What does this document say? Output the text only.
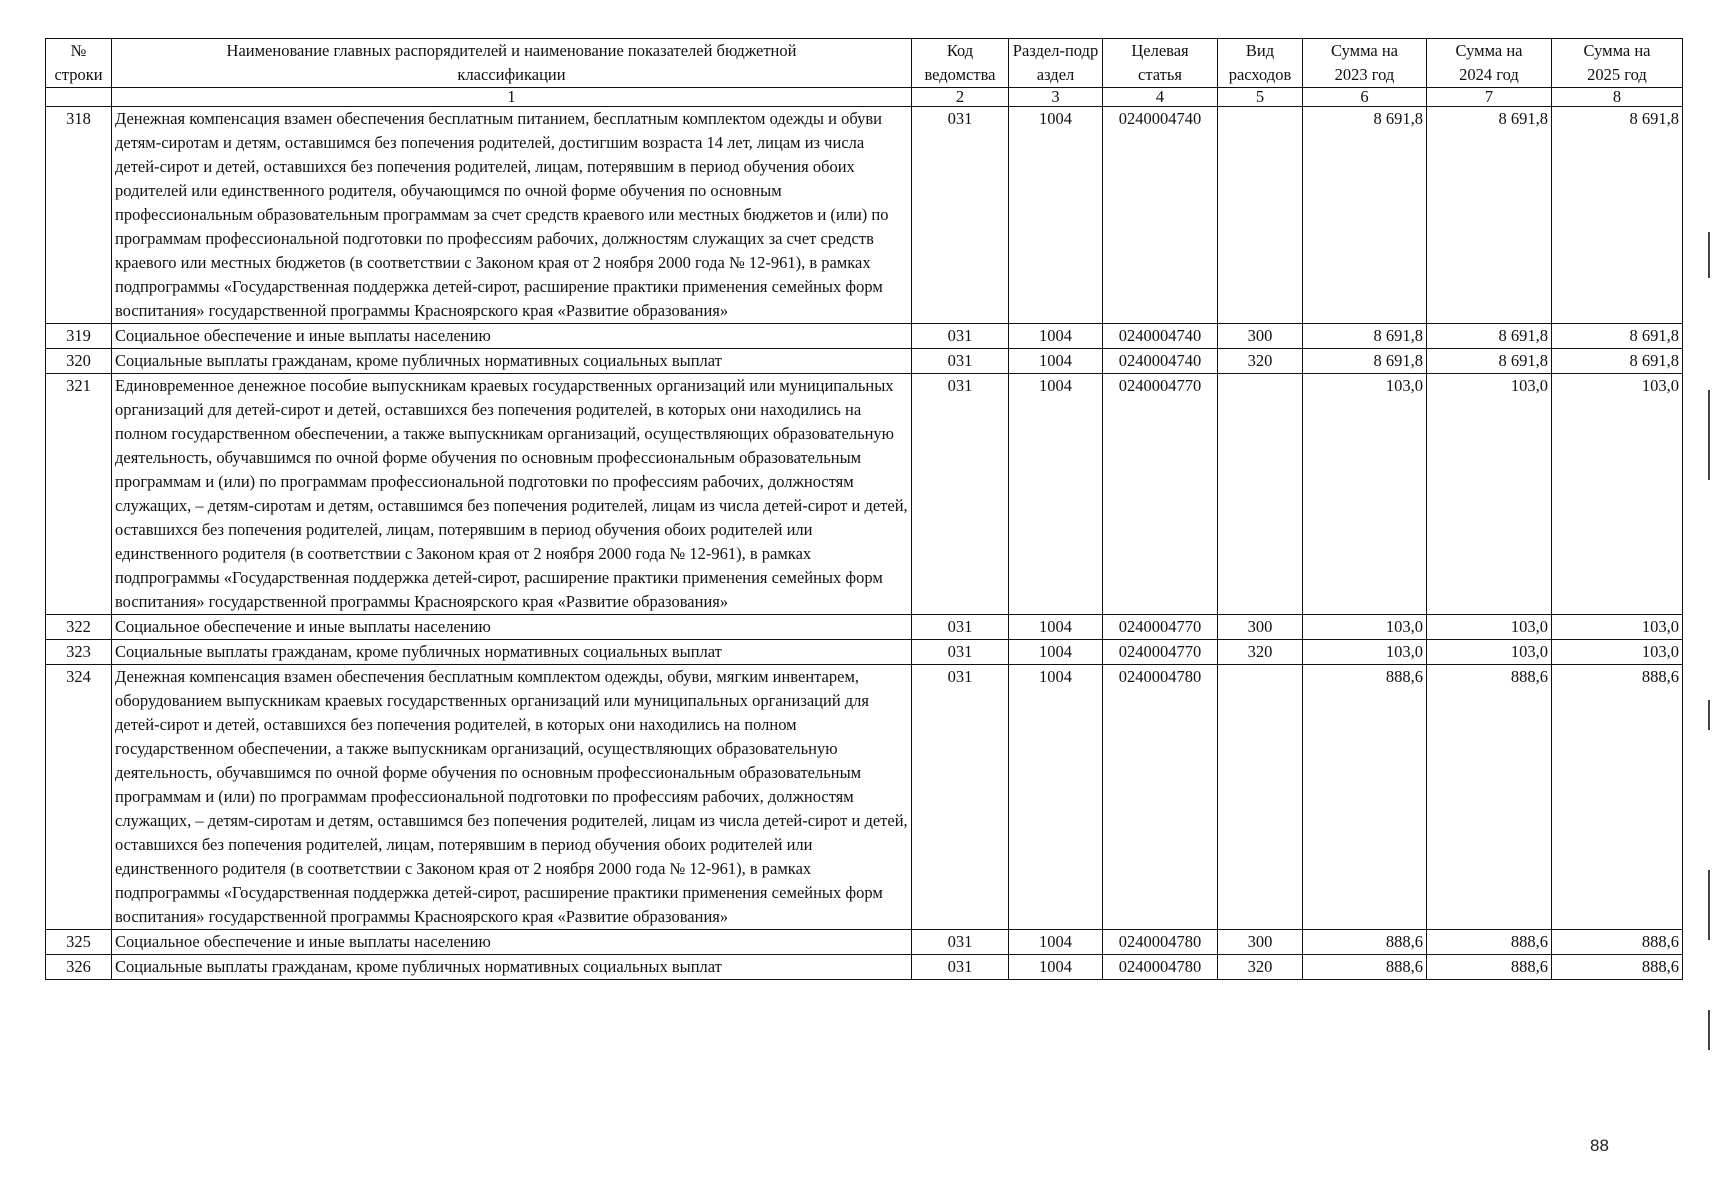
№ строки	Наименование главных распорядителей и наименование показателей бюджетной классификации	Код ведомства	Раздел-подраздел	Целевая статья	Вид расходов	Сумма на 2023 год	Сумма на 2024 год	Сумма на 2025 год
	1	2	3	4	5	6	7	8
318	Денежная компенсация взамен обеспечения бесплатным питанием, бесплатным комплектом одежды и обуви детям-сиротам и детям, оставшимся без попечения родителей, достигшим возраста 14 лет, лицам из числа детей-сирот и детей, оставшихся без попечения родителей, лицам, потерявшим в период обучения обоих родителей или единственного родителя, обучающимся по очной форме обучения по основным профессиональным образовательным программам за счет средств краевого или местных бюджетов и (или) по программам профессиональной подготовки по профессиям рабочих, должностям служащих за счет средств краевого или местных бюджетов (в соответствии с Законом края от 2 ноября 2000 года № 12-961), в рамках подпрограммы «Государственная поддержка детей-сирот, расширение практики применения семейных форм воспитания» государственной программы Красноярского края «Развитие образования»	031	1004	0240004740		8 691,8	8 691,8	8 691,8
319	Социальное обеспечение и иные выплаты населению	031	1004	0240004740	300	8 691,8	8 691,8	8 691,8
320	Социальные выплаты гражданам, кроме публичных нормативных социальных выплат	031	1004	0240004740	320	8 691,8	8 691,8	8 691,8
321	Единовременное денежное пособие выпускникам краевых государственных организаций или муниципальных организаций для детей-сирот и детей, оставшихся без попечения родителей, в которых они находились на полном государственном обеспечении, а также выпускникам организаций, осуществляющих образовательную деятельность, обучавшимся по очной форме обучения по основным профессиональным образовательным программам и (или) по программам профессиональной подготовки по профессиям рабочих, должностям служащих, – детям-сиротам и детям, оставшимся без попечения родителей, лицам из числа детей-сирот и детей, оставшихся без попечения родителей, лицам, потерявшим в период обучения обоих родителей или единственного родителя (в соответствии с Законом края от 2 ноября 2000 года № 12-961), в рамках подпрограммы «Государственная поддержка детей-сирот, расширение практики применения семейных форм воспитания» государственной программы Красноярского края «Развитие образования»	031	1004	0240004770		103,0	103,0	103,0
322	Социальное обеспечение и иные выплаты населению	031	1004	0240004770	300	103,0	103,0	103,0
323	Социальные выплаты гражданам, кроме публичных нормативных социальных выплат	031	1004	0240004770	320	103,0	103,0	103,0
324	Денежная компенсация взамен обеспечения бесплатным комплектом одежды, обуви, мягким инвентарем, оборудованием выпускникам краевых государственных организаций или муниципальных организаций для детей-сирот и детей, оставшихся без попечения родителей, в которых они находились на полном государственном обеспечении, а также выпускникам организаций, осуществляющих образовательную деятельность, обучавшимся по очной форме обучения по основным профессиональным образовательным программам и (или) по программам профессиональной подготовки по профессиям рабочих, должностям служащих, – детям-сиротам и детям, оставшимся без попечения родителей, лицам из числа детей-сирот и детей, оставшихся без попечения родителей, лицам, потерявшим в период обучения обоих родителей или единственного родителя (в соответствии с Законом края от 2 ноября 2000 года № 12-961), в рамках подпрограммы «Государственная поддержка детей-сирот, расширение практики применения семейных форм воспитания» государственной программы Красноярского края «Развитие образования»	031	1004	0240004780		888,6	888,6	888,6
325	Социальное обеспечение и иные выплаты населению	031	1004	0240004780	300	888,6	888,6	888,6
326	Социальные выплаты гражданам, кроме публичных нормативных социальных выплат	031	1004	0240004780	320	888,6	888,6	888,6
88
